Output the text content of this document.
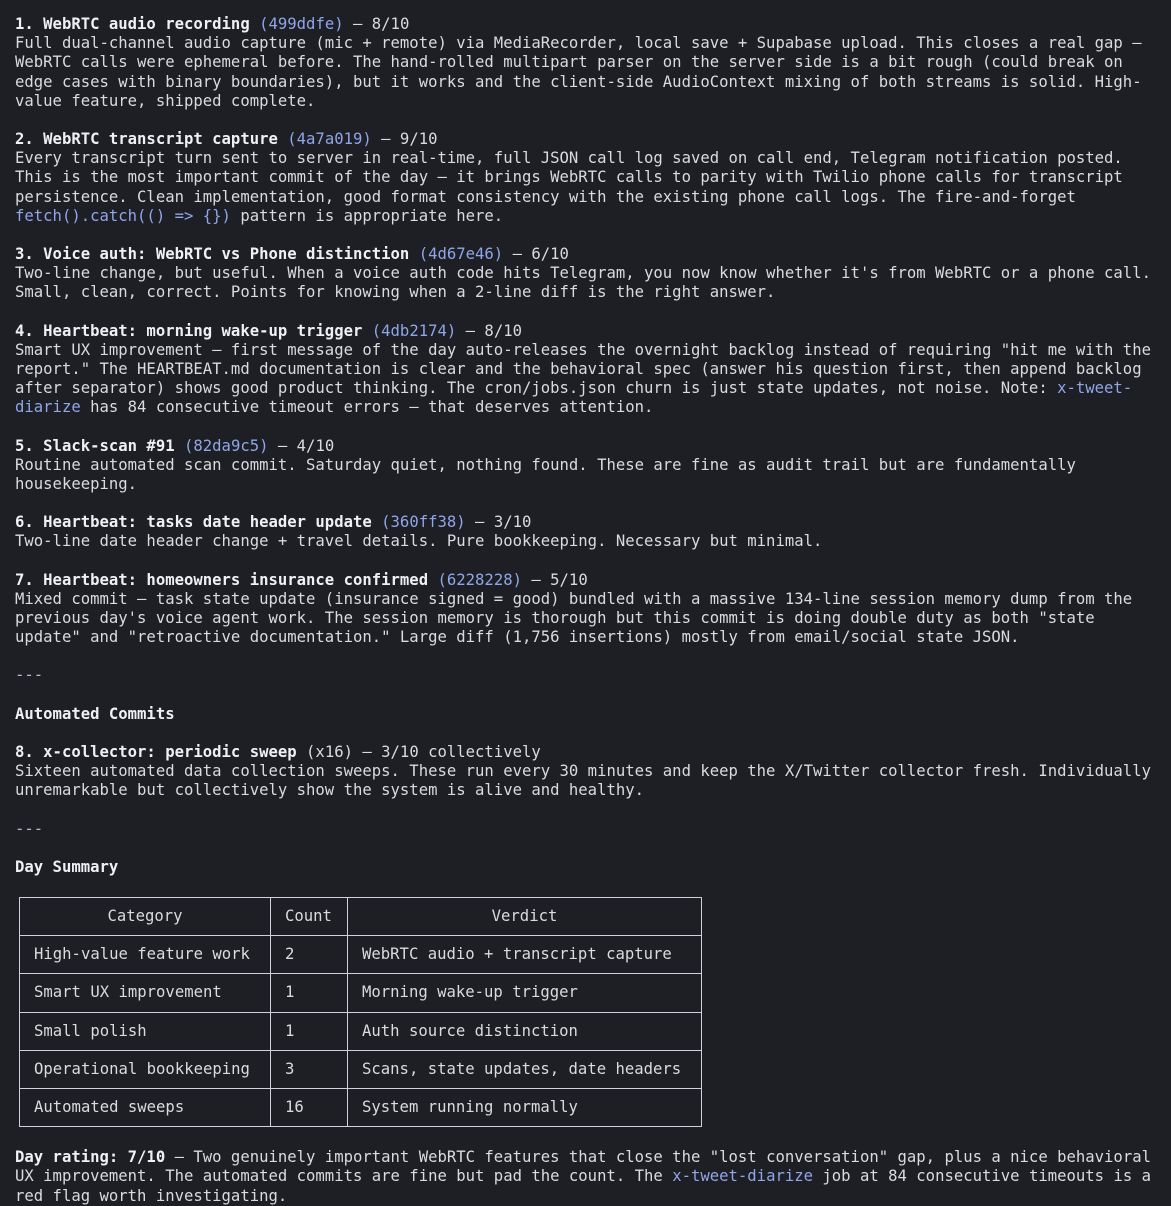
1. WebRTC audio recording (499ddfe) — 8/10
Full dual-channel audio capture (mic + remote) via MediaRecorder, local save + Supabase upload. This closes a real gap — WebRTC calls were ephemeral before. The hand-rolled multipart parser on the server side is a bit rough (could break on edge cases with binary boundaries), but it works and the client-side AudioContext mixing of both streams is solid. High-value feature, shipped complete.

2. WebRTC transcript capture (4a7a019) — 9/10
Every transcript turn sent to server in real-time, full JSON call log saved on call end, Telegram notification posted. This is the most important commit of the day — it brings WebRTC calls to parity with Twilio phone calls for transcript persistence. Clean implementation, good format consistency with the existing phone call logs. The fire-and-forget fetch().catch(() => {}) pattern is appropriate here.

3. Voice auth: WebRTC vs Phone distinction (4d67e46) — 6/10
Two-line change, but useful. When a voice auth code hits Telegram, you now know whether it's from WebRTC or a phone call. Small, clean, correct. Points for knowing when a 2-line diff is the right answer.

4. Heartbeat: morning wake-up trigger (4db2174) — 8/10
Smart UX improvement — first message of the day auto-releases the overnight backlog instead of requiring "hit me with the report." The HEARTBEAT.md documentation is clear and the behavioral spec (answer his question first, then append backlog after separator) shows good product thinking. The cron/jobs.json churn is just state updates, not noise. Note: x-tweet-diarize has 84 consecutive timeout errors — that deserves attention.

5. Slack-scan #91 (82da9c5) — 4/10
Routine automated scan commit. Saturday quiet, nothing found. These are fine as audit trail but are fundamentally housekeeping.

6. Heartbeat: tasks date header update (360ff38) — 3/10
Two-line date header change + travel details. Pure bookkeeping. Necessary but minimal.

7. Heartbeat: homeowners insurance confirmed (6228228) — 5/10
Mixed commit — task state update (insurance signed = good) bundled with a massive 134-line session memory dump from the previous day's voice agent work. The session memory is thorough but this commit is doing double duty as both "state update" and "retroactive documentation." Large diff (1,756 insertions) mostly from email/social state JSON.

---
Automated Commits

8. x-collector: periodic sweep (x16) — 3/10 collectively
Sixteen automated data collection sweeps. These run every 30 minutes and keep the X/Twitter collector fresh. Individually unremarkable but collectively show the system is alive and healthy.

---
Day Summary
Category	Count	Verdict
High-value feature work	2	WebRTC audio + transcript capture
Smart UX improvement	1	Morning wake-up trigger
Small polish	1	Auth source distinction
Operational bookkeeping	3	Scans, state updates, date headers
Automated sweeps	16	System running normally

Day rating: 7/10 — Two genuinely important WebRTC features that close the "lost conversation" gap, plus a nice behavioral UX improvement. The automated commits are fine but pad the count. The x-tweet-diarize job at 84 consecutive timeouts is a red flag worth investigating.
